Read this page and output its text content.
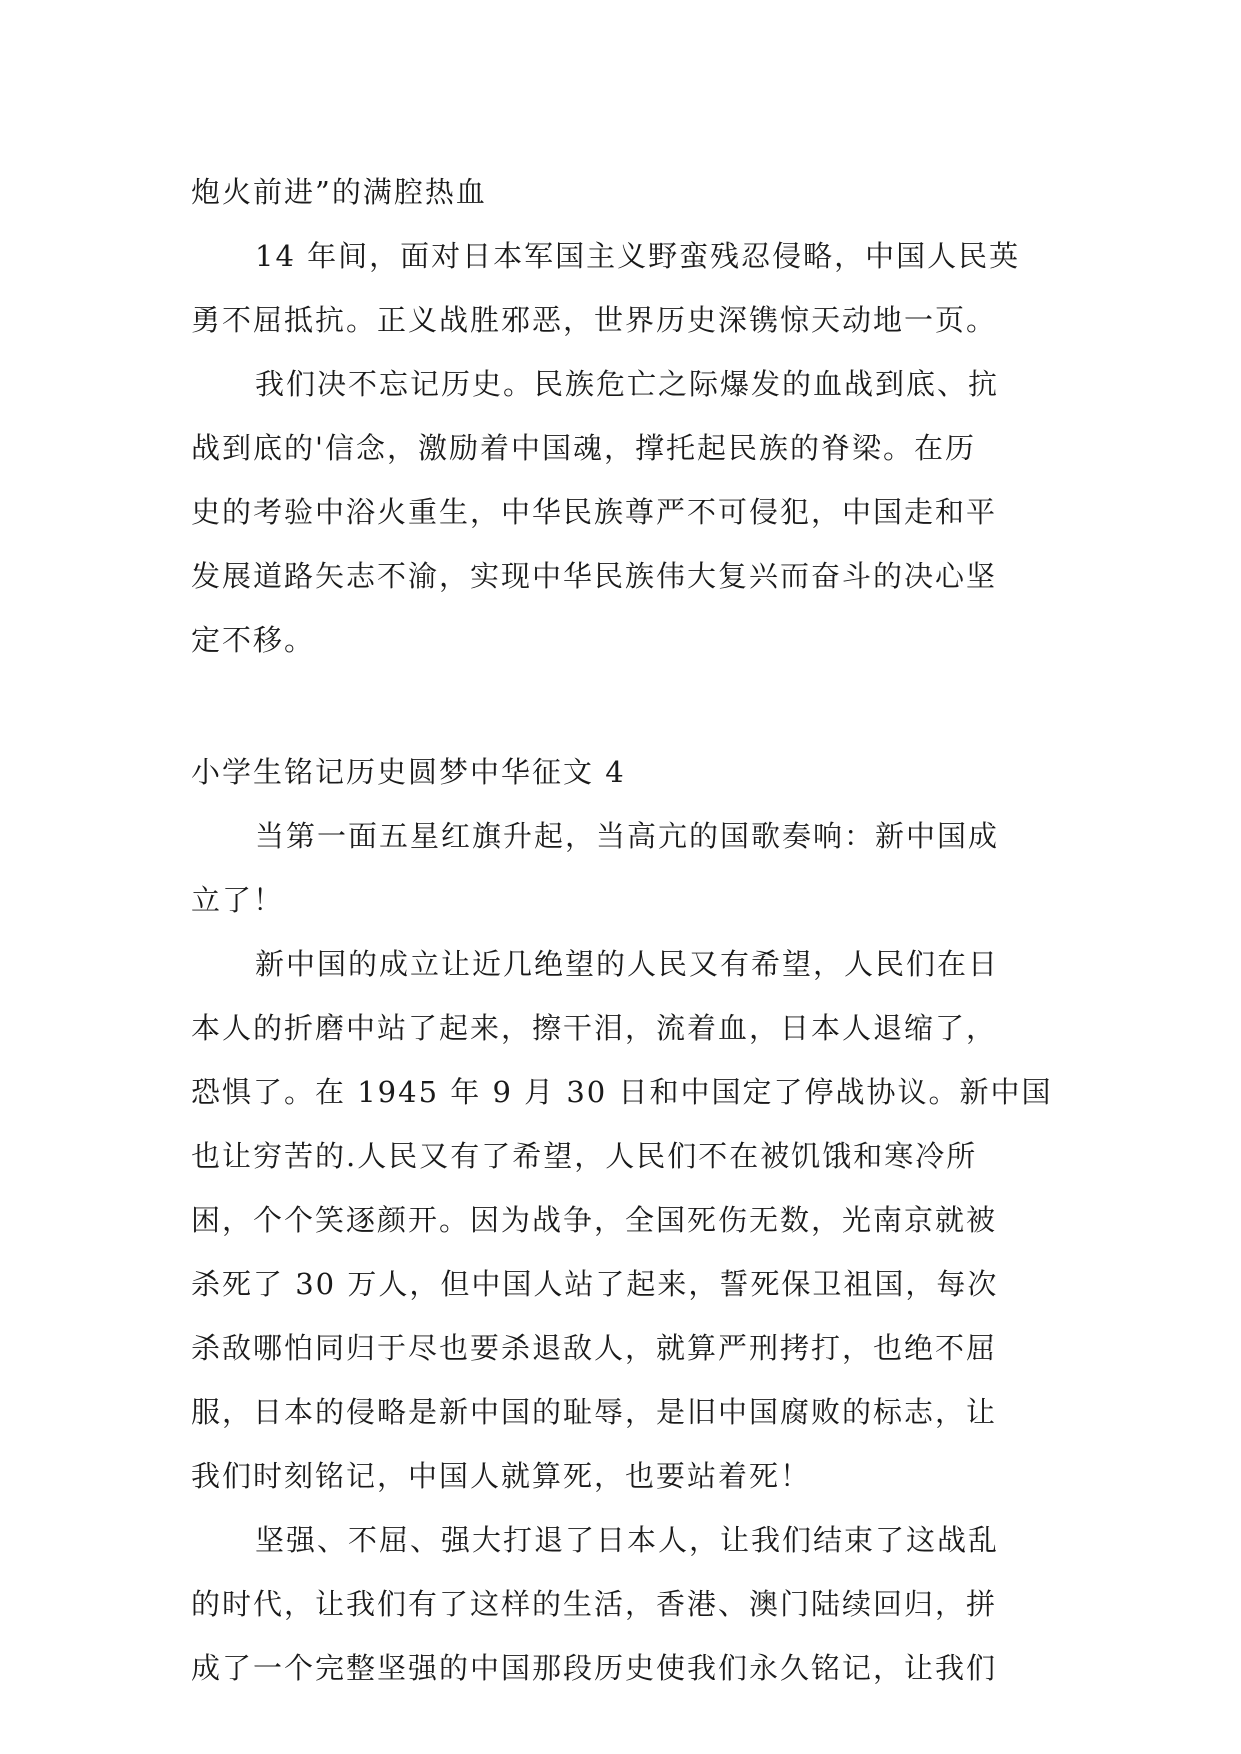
炮火前进”的满腔热血
14 年间，面对日本军国主义野蛮残忍侵略，中国人民英
勇不屈抵抗。正义战胜邪恶，世界历史深镌惊天动地一页。
我们决不忘记历史。民族危亡之际爆发的血战到底、抗
战到底的'信念，激励着中国魂，撑托起民族的脊梁。在历
史的考验中浴火重生，中华民族尊严不可侵犯，中国走和平
发展道路矢志不渝，实现中华民族伟大复兴而奋斗的决心坚
定不移。
小学生铭记历史圆梦中华征文 4
当第一面五星红旗升起，当高亢的国歌奏响：新中国成
立了！
新中国的成立让近几绝望的人民又有希望，人民们在日
本人的折磨中站了起来，擦干泪，流着血，日本人退缩了，
恐惧了。在 1945 年 9 月 30 日和中国定了停战协议。新中国
也让穷苦的.人民又有了希望，人民们不在被饥饿和寒冷所
困，个个笑逐颜开。因为战争，全国死伤无数，光南京就被
杀死了 30 万人，但中国人站了起来，誓死保卫祖国，每次
杀敌哪怕同归于尽也要杀退敌人，就算严刑拷打，也绝不屈
服，日本的侵略是新中国的耻辱，是旧中国腐败的标志，让
我们时刻铭记，中国人就算死，也要站着死！
坚强、不屈、强大打退了日本人，让我们结束了这战乱
的时代，让我们有了这样的生活，香港、澳门陆续回归，拼
成了一个完整坚强的中国那段历史使我们永久铭记，让我们
